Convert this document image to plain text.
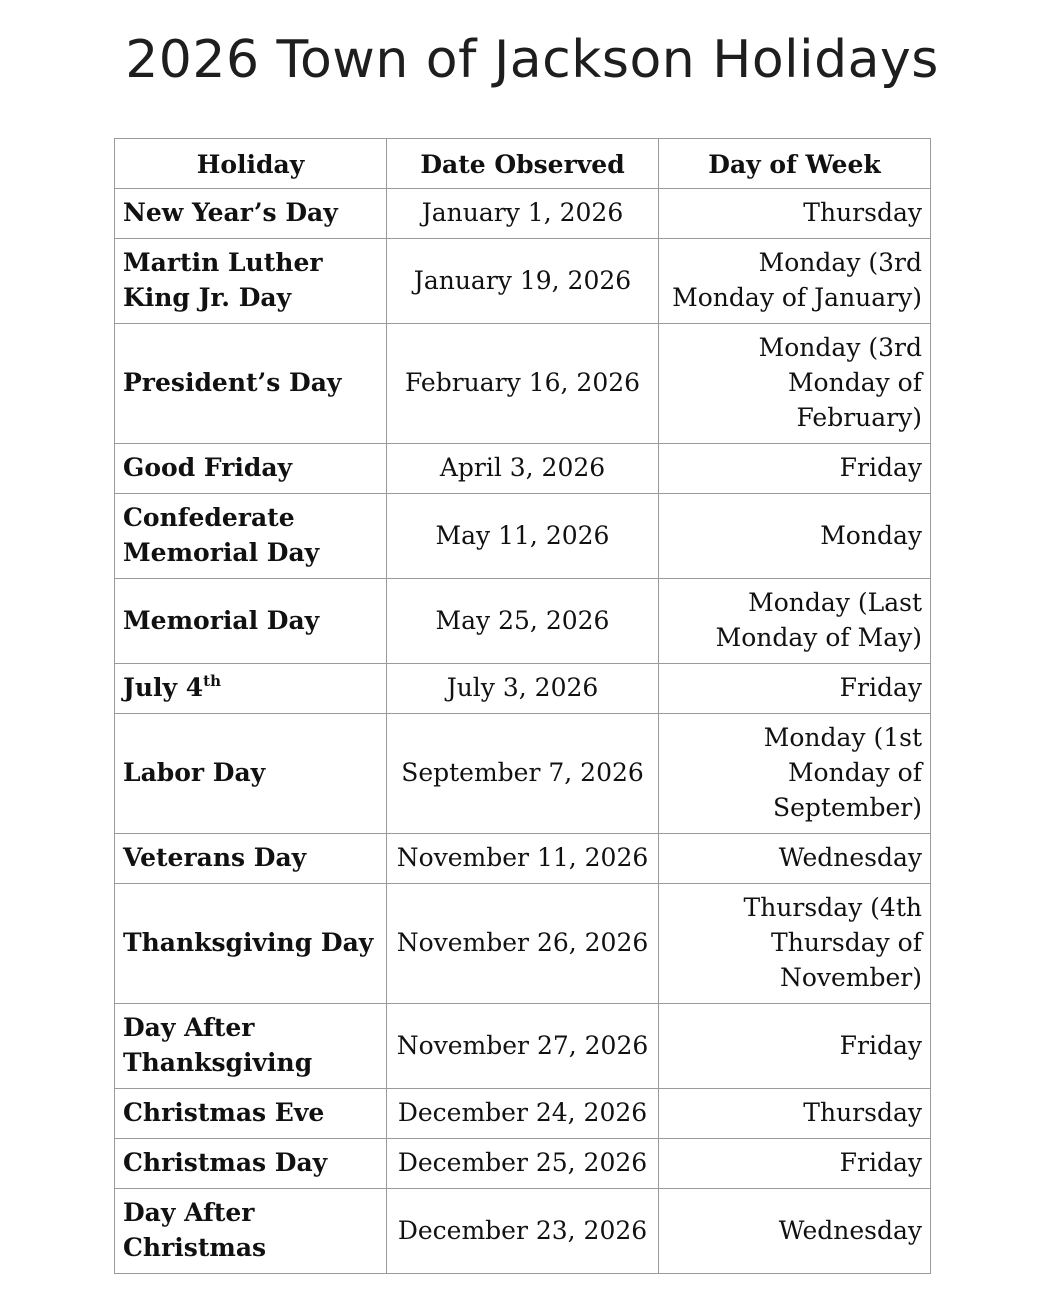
2026 Town of Jackson Holidays
Holiday	Date Observed	Day of Week
New Year’s Day	January 1, 2026	Thursday
Martin Luther King Jr. Day	January 19, 2026	Monday (3rd Monday of January)
President’s Day	February 16, 2026	Monday (3rd Monday of February)
Good Friday	April 3, 2026	Friday
Confederate Memorial Day	May 11, 2026	Monday
Memorial Day	May 25, 2026	Monday (Last Monday of May)
July 4th	July 3, 2026	Friday
Labor Day	September 7, 2026	Monday (1st Monday of September)
Veterans Day	November 11, 2026	Wednesday
Thanksgiving Day	November 26, 2026	Thursday (4th Thursday of November)
Day After Thanksgiving	November 27, 2026	Friday
Christmas Eve	December 24, 2026	Thursday
Christmas Day	December 25, 2026	Friday
Day After Christmas	December 23, 2026	Wednesday
